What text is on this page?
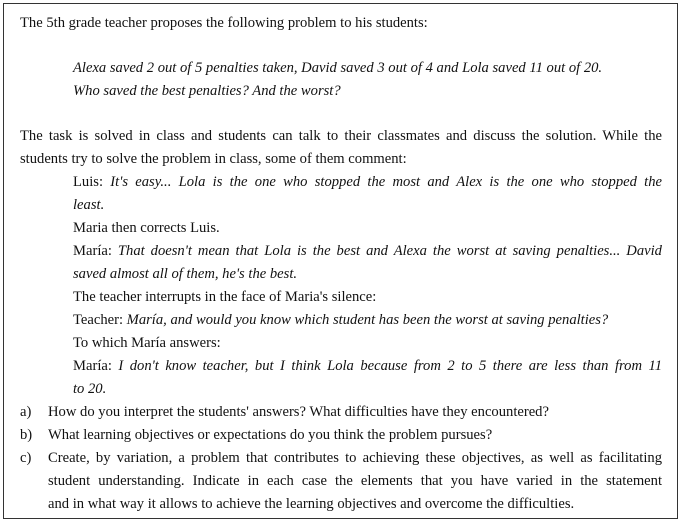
The 5th grade teacher proposes the following problem to his students:
Alexa saved 2 out of 5 penalties taken, David saved 3 out of 4 and Lola saved 11 out of 20.
Who saved the best penalties? And the worst?
The task is solved in class and students can talk to their classmates and discuss the solution. While the
students try to solve the problem in class, some of them comment:
Luis: It's easy... Lola is the one who stopped the most and Alex is the one who stopped the
least.
Maria then corrects Luis.
María: That doesn't mean that Lola is the best and Alexa the worst at saving penalties... David
saved almost all of them, he's the best.
The teacher interrupts in the face of Maria's silence:
Teacher: María, and would you know which student has been the worst at saving penalties?
To which María answers:
María: I don't know teacher, but I think Lola because from 2 to 5 there are less than from 11
to 20.
a) How do you interpret the students' answers? What difficulties have they encountered?
b) What learning objectives or expectations do you think the problem pursues?
c) Create, by variation, a problem that contributes to achieving these objectives, as well as facilitating
student understanding. Indicate in each case the elements that you have varied in the statement
and in what way it allows to achieve the learning objectives and overcome the difficulties.
